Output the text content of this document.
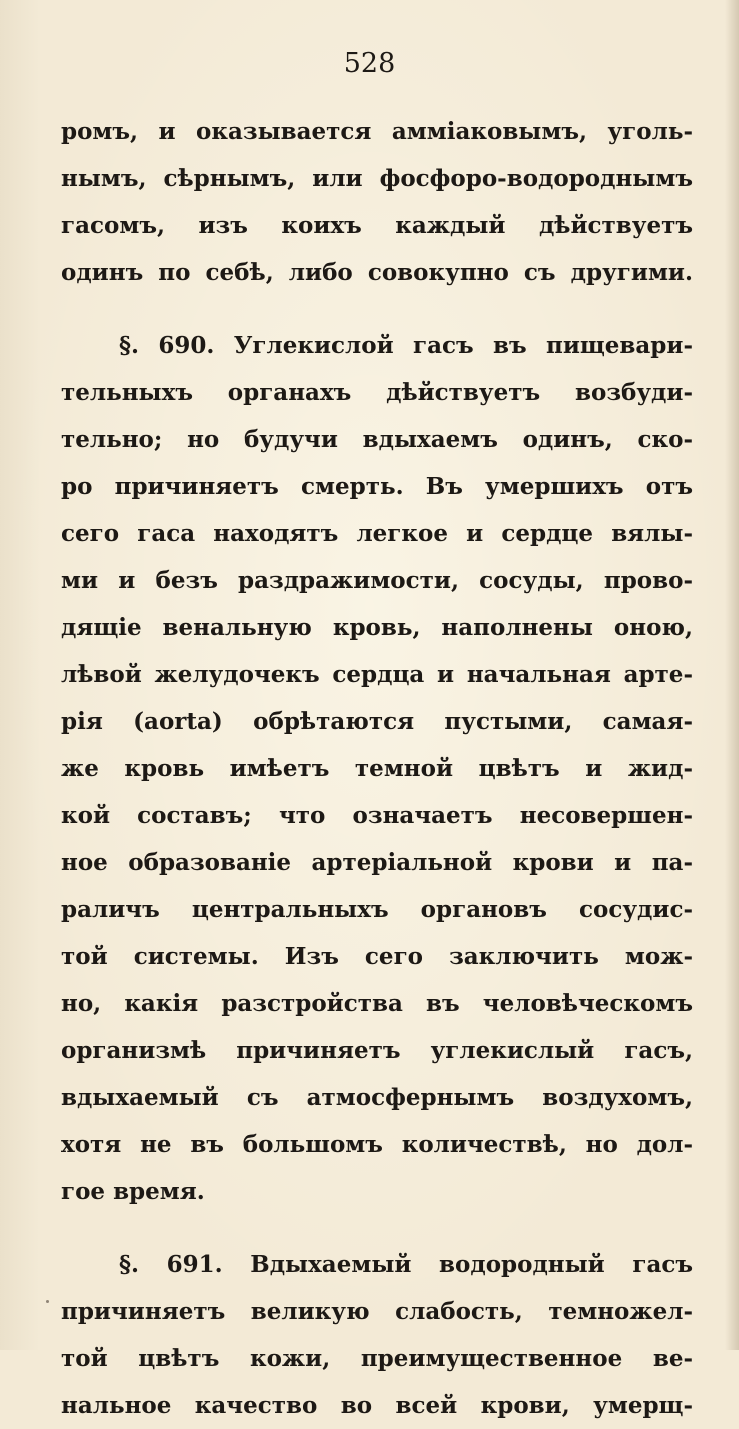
528
ромъ, и оказывается аммiаковымъ, уголь-
нымъ, сѣрнымъ, или фосфоро-водороднымъ
гасомъ, изъ коихъ каждый дѣйствуетъ
одинъ по себѣ, либо совокупно съ другими.
§. 690. Углекислой гасъ въ пищевари-
тельныхъ органахъ дѣйствуетъ возбуди-
тельно; но будучи вдыхаемъ одинъ, ско-
ро причиняетъ смерть. Въ умершихъ отъ
сего гаса находятъ легкое и сердце вялы-
ми и безъ раздражимости, сосуды, прово-
дящiе венальную кровь, наполнены оною,
лѣвой желудочекъ сердца и начальная арте-
рiя (aorta) обрѣтаются пустыми, самая-
же кровь имѣетъ темной цвѣтъ и жид-
кой составъ; что означаетъ несовершен-
ное образованiе артерiальной крови и па-
раличъ центральныхъ органовъ сосудис-
той системы. Изъ сего заключить мож-
но, какiя разстройства въ человѣческомъ
организмѣ причиняетъ углекислый гасъ,
вдыхаемый съ атмосфернымъ воздухомъ,
хотя не въ большомъ количествѣ, но дол-
гое время.
§. 691. Вдыхаемый водородный гасъ
причиняетъ великую слабость, темножел-
той цвѣтъ кожи, преимущественное ве-
нальное качество во всей крови, умерщ-
